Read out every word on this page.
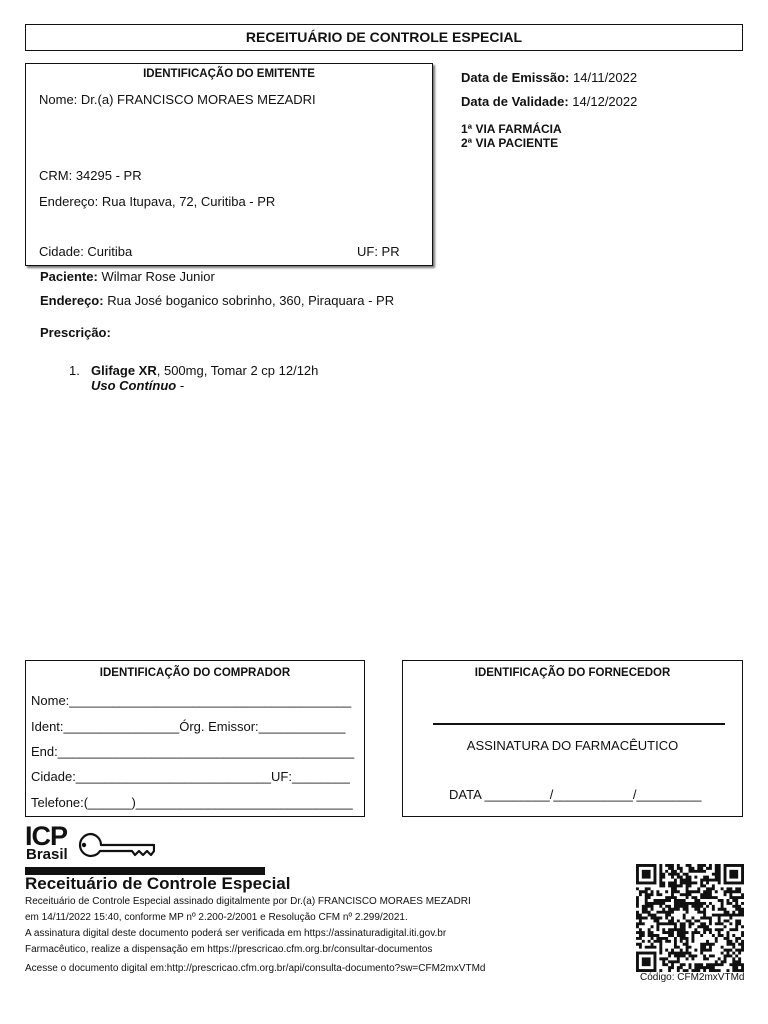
RECEITUÁRIO DE CONTROLE ESPECIAL
IDENTIFICAÇÃO DO EMITENTE
Nome: Dr.(a) FRANCISCO MORAES MEZADRI
CRM: 34295 - PR
Endereço: Rua Itupava, 72, Curitiba - PR
Cidade: Curitiba	UF: PR
Data de Emissão: 14/11/2022
Data de Validade: 14/12/2022
1ª VIA FARMÁCIA
2ª VIA PACIENTE
Paciente: Wilmar Rose Junior
Endereço: Rua José boganico sobrinho, 360, Piraquara - PR
Prescrição:
1. Glifage XR, 500mg, Tomar 2 cp 12/12h
Uso Contínuo -
IDENTIFICAÇÃO DO COMPRADOR
Nome:_______________________________________
Ident:________________Órg. Emissor:____________
End:_________________________________________
Cidade:___________________________UF:________
Telefone:(______)______________________________
IDENTIFICAÇÃO DO FORNECEDOR
ASSINATURA DO FARMACÊUTICO
DATA _________/___________/_________
ICP
Brasil
Receituário de Controle Especial
Receituário de Controle Especial assinado digitalmente por Dr.(a) FRANCISCO MORAES MEZADRI
em 14/11/2022 15:40, conforme MP nº 2.200-2/2001 e Resolução CFM nº 2.299/2021.
A assinatura digital deste documento poderá ser verificada em https://assinaturadigital.iti.gov.br
Farmacêutico, realize a dispensação em https://prescricao.cfm.org.br/consultar-documentos
Acesse o documento digital em:http://prescricao.cfm.org.br/api/consulta-documento?sw=CFM2mxVTMd
Código: CFM2mxVTMd
